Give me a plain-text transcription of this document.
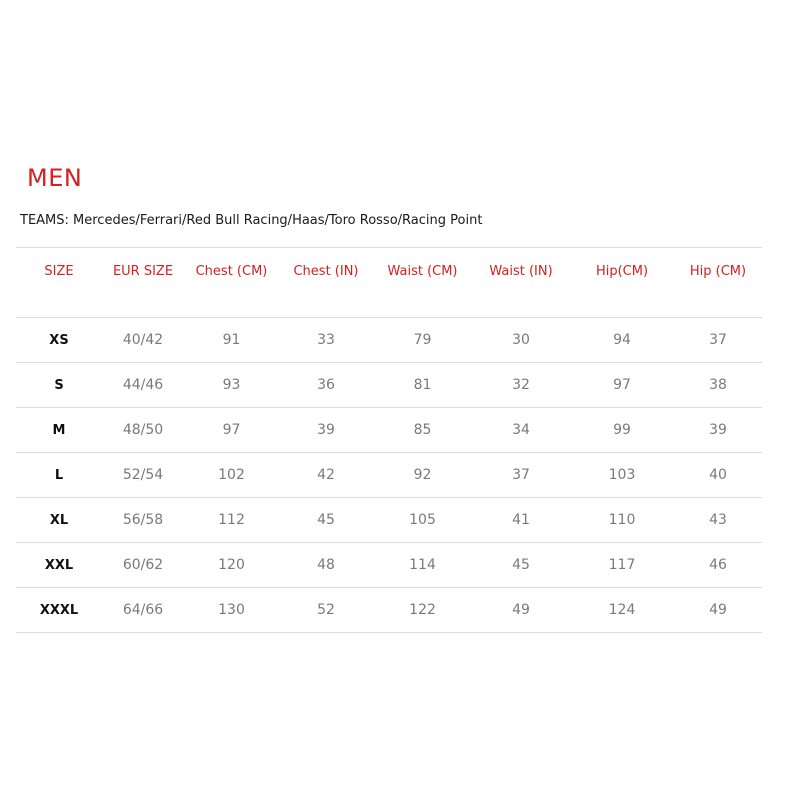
MEN
TEAMS: Mercedes/Ferrari/Red Bull Racing/Haas/Toro Rosso/Racing Point
SIZE	EUR SIZE	Chest (CM)	Chest (IN)	Waist (CM)	Waist (IN)	Hip(CM)	Hip (CM)
XS	40/42	91	33	79	30	94	37
S	44/46	93	36	81	32	97	38
M	48/50	97	39	85	34	99	39
L	52/54	102	42	92	37	103	40
XL	56/58	112	45	105	41	110	43
XXL	60/62	120	48	114	45	117	46
XXXL	64/66	130	52	122	49	124	49
